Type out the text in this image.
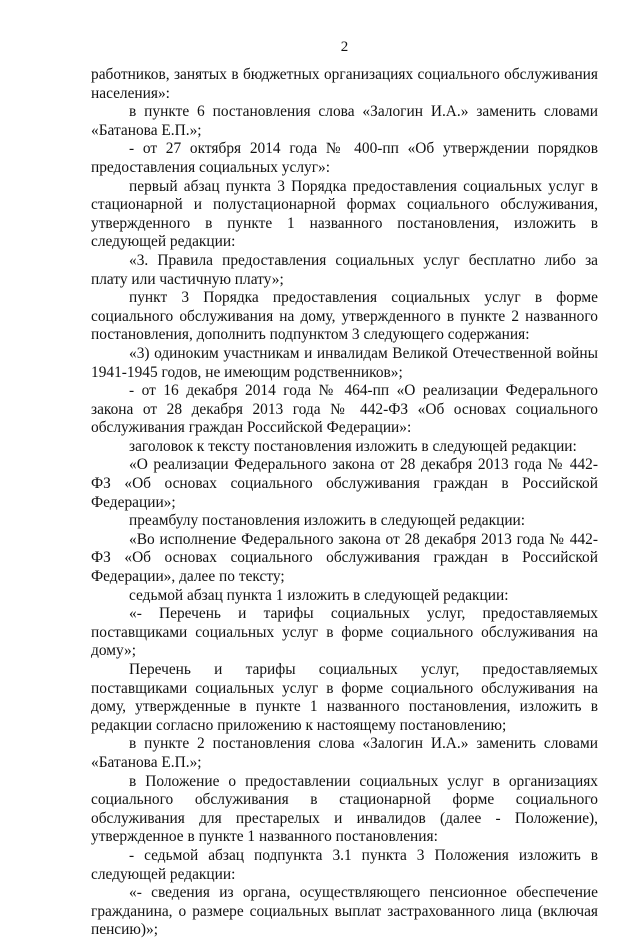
2

работников, занятых в бюджетных организациях социального обслуживания населения»:

в пункте 6 постановления слова «Залогин И.А.» заменить словами «Батанова Е.П.»;

- от 27 октября 2014 года № 400-пп «Об утверждении порядков предоставления социальных услуг»:

первый абзац пункта 3 Порядка предоставления социальных услуг в стационарной и полустационарной формах социального обслуживания, утвержденного в пункте 1 названного постановления, изложить в следующей редакции:

«3. Правила предоставления социальных услуг бесплатно либо за плату или частичную плату»;

пункт 3 Порядка предоставления социальных услуг в форме социального обслуживания на дому, утвержденного в пункте 2 названного постановления, дополнить подпунктом 3 следующего содержания:

«3) одиноким участникам и инвалидам Великой Отечественной войны 1941-1945 годов, не имеющим родственников»;

- от 16 декабря 2014 года № 464-пп «О реализации Федерального закона от 28 декабря 2013 года № 442-ФЗ «Об основах социального обслуживания граждан Российской Федерации»:

заголовок к тексту постановления изложить в следующей редакции:

«О реализации Федерального закона от 28 декабря 2013 года № 442-ФЗ «Об основах социального обслуживания граждан в Российской Федерации»;

преамбулу постановления изложить в следующей редакции:

«Во исполнение Федерального закона от 28 декабря 2013 года № 442-ФЗ «Об основах социального обслуживания граждан в Российской Федерации», далее по тексту;

седьмой абзац пункта 1 изложить в следующей редакции:

«- Перечень и тарифы социальных услуг, предоставляемых поставщиками социальных услуг в форме социального обслуживания на дому»;

Перечень и тарифы социальных услуг, предоставляемых поставщиками социальных услуг в форме социального обслуживания на дому, утвержденные в пункте 1 названного постановления, изложить в редакции согласно приложению к настоящему постановлению;

в пункте 2 постановления слова «Залогин И.А.» заменить словами «Батанова Е.П.»;

в Положение о предоставлении социальных услуг в организациях социального обслуживания в стационарной форме социального обслуживания для престарелых и инвалидов (далее - Положение), утвержденное в пункте 1 названного постановления:

- седьмой абзац подпункта 3.1 пункта 3 Положения изложить в следующей редакции:

«- сведения из органа, осуществляющего пенсионное обеспечение гражданина, о размере социальных выплат застрахованного лица (включая пенсию)»;
